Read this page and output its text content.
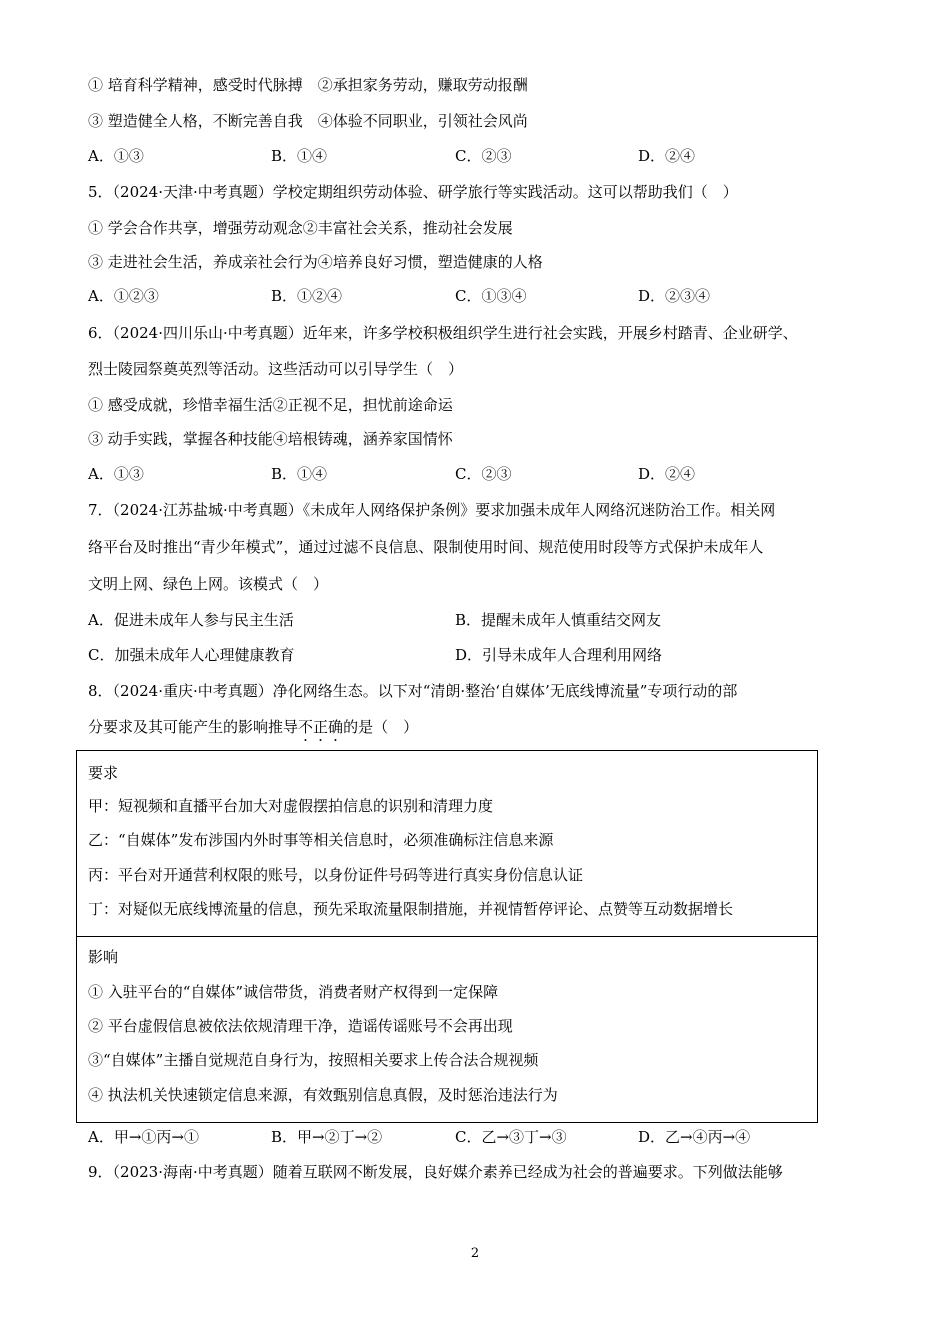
① 培育科学精神，感受时代脉搏　②承担家务劳动，赚取劳动报酬
③ 塑造健全人格，不断完善自我　④体验不同职业，引领社会风尚
A．①③	B．①④	C．②③	D．②④
5．（2024·天津·中考真题）学校定期组织劳动体验、研学旅行等实践活动。这可以帮助我们（　）
① 学会合作共享，增强劳动观念②丰富社会关系，推动社会发展
③ 走进社会生活，养成亲社会行为④培养良好习惯，塑造健康的人格
A．①②③	B．①②④	C．①③④	D．②③④
6．（2024·四川乐山·中考真题）近年来，许多学校积极组织学生进行社会实践，开展乡村踏青、企业研学、
烈士陵园祭奠英烈等活动。这些活动可以引导学生（　）
① 感受成就，珍惜幸福生活②正视不足，担忧前途命运
③ 动手实践，掌握各种技能④培根铸魂，涵养家国情怀
A．①③	B．①④	C．②③	D．②④
7．（2024·江苏盐城·中考真题）《未成年人网络保护条例》要求加强未成年人网络沉迷防治工作。相关网
络平台及时推出“青少年模式”，通过过滤不良信息、限制使用时间、规范使用时段等方式保护未成年人
文明上网、绿色上网。该模式（　）
A．促进未成年人参与民主生活	B．提醒未成年人慎重结交网友
C．加强未成年人心理健康教育	D．引导未成年人合理利用网络
8．（2024·重庆·中考真题）净化网络生态。以下对“清朗·整治‘自媒体’无底线博流量”专项行动的部
分要求及其可能产生的影响推导不正确的是（　）
要求
甲：短视频和直播平台加大对虚假摆拍信息的识别和清理力度
乙：“自媒体”发布涉国内外时事等相关信息时，必须准确标注信息来源
丙：平台对开通营利权限的账号，以身份证件号码等进行真实身份信息认证
丁：对疑似无底线博流量的信息，预先采取流量限制措施，并视情暂停评论、点赞等互动数据增长
影响
① 入驻平台的“自媒体”诚信带货，消费者财产权得到一定保障
② 平台虚假信息被依法依规清理干净，造谣传谣账号不会再出现
③“自媒体”主播自觉规范自身行为，按照相关要求上传合法合规视频
④ 执法机关快速锁定信息来源，有效甄别信息真假，及时惩治违法行为
A．甲→①丙→①	B．甲→②丁→②	C．乙→③丁→③	D．乙→④丙→④
9．（2023·海南·中考真题）随着互联网不断发展，良好媒介素养已经成为社会的普遍要求。下列做法能够
2
